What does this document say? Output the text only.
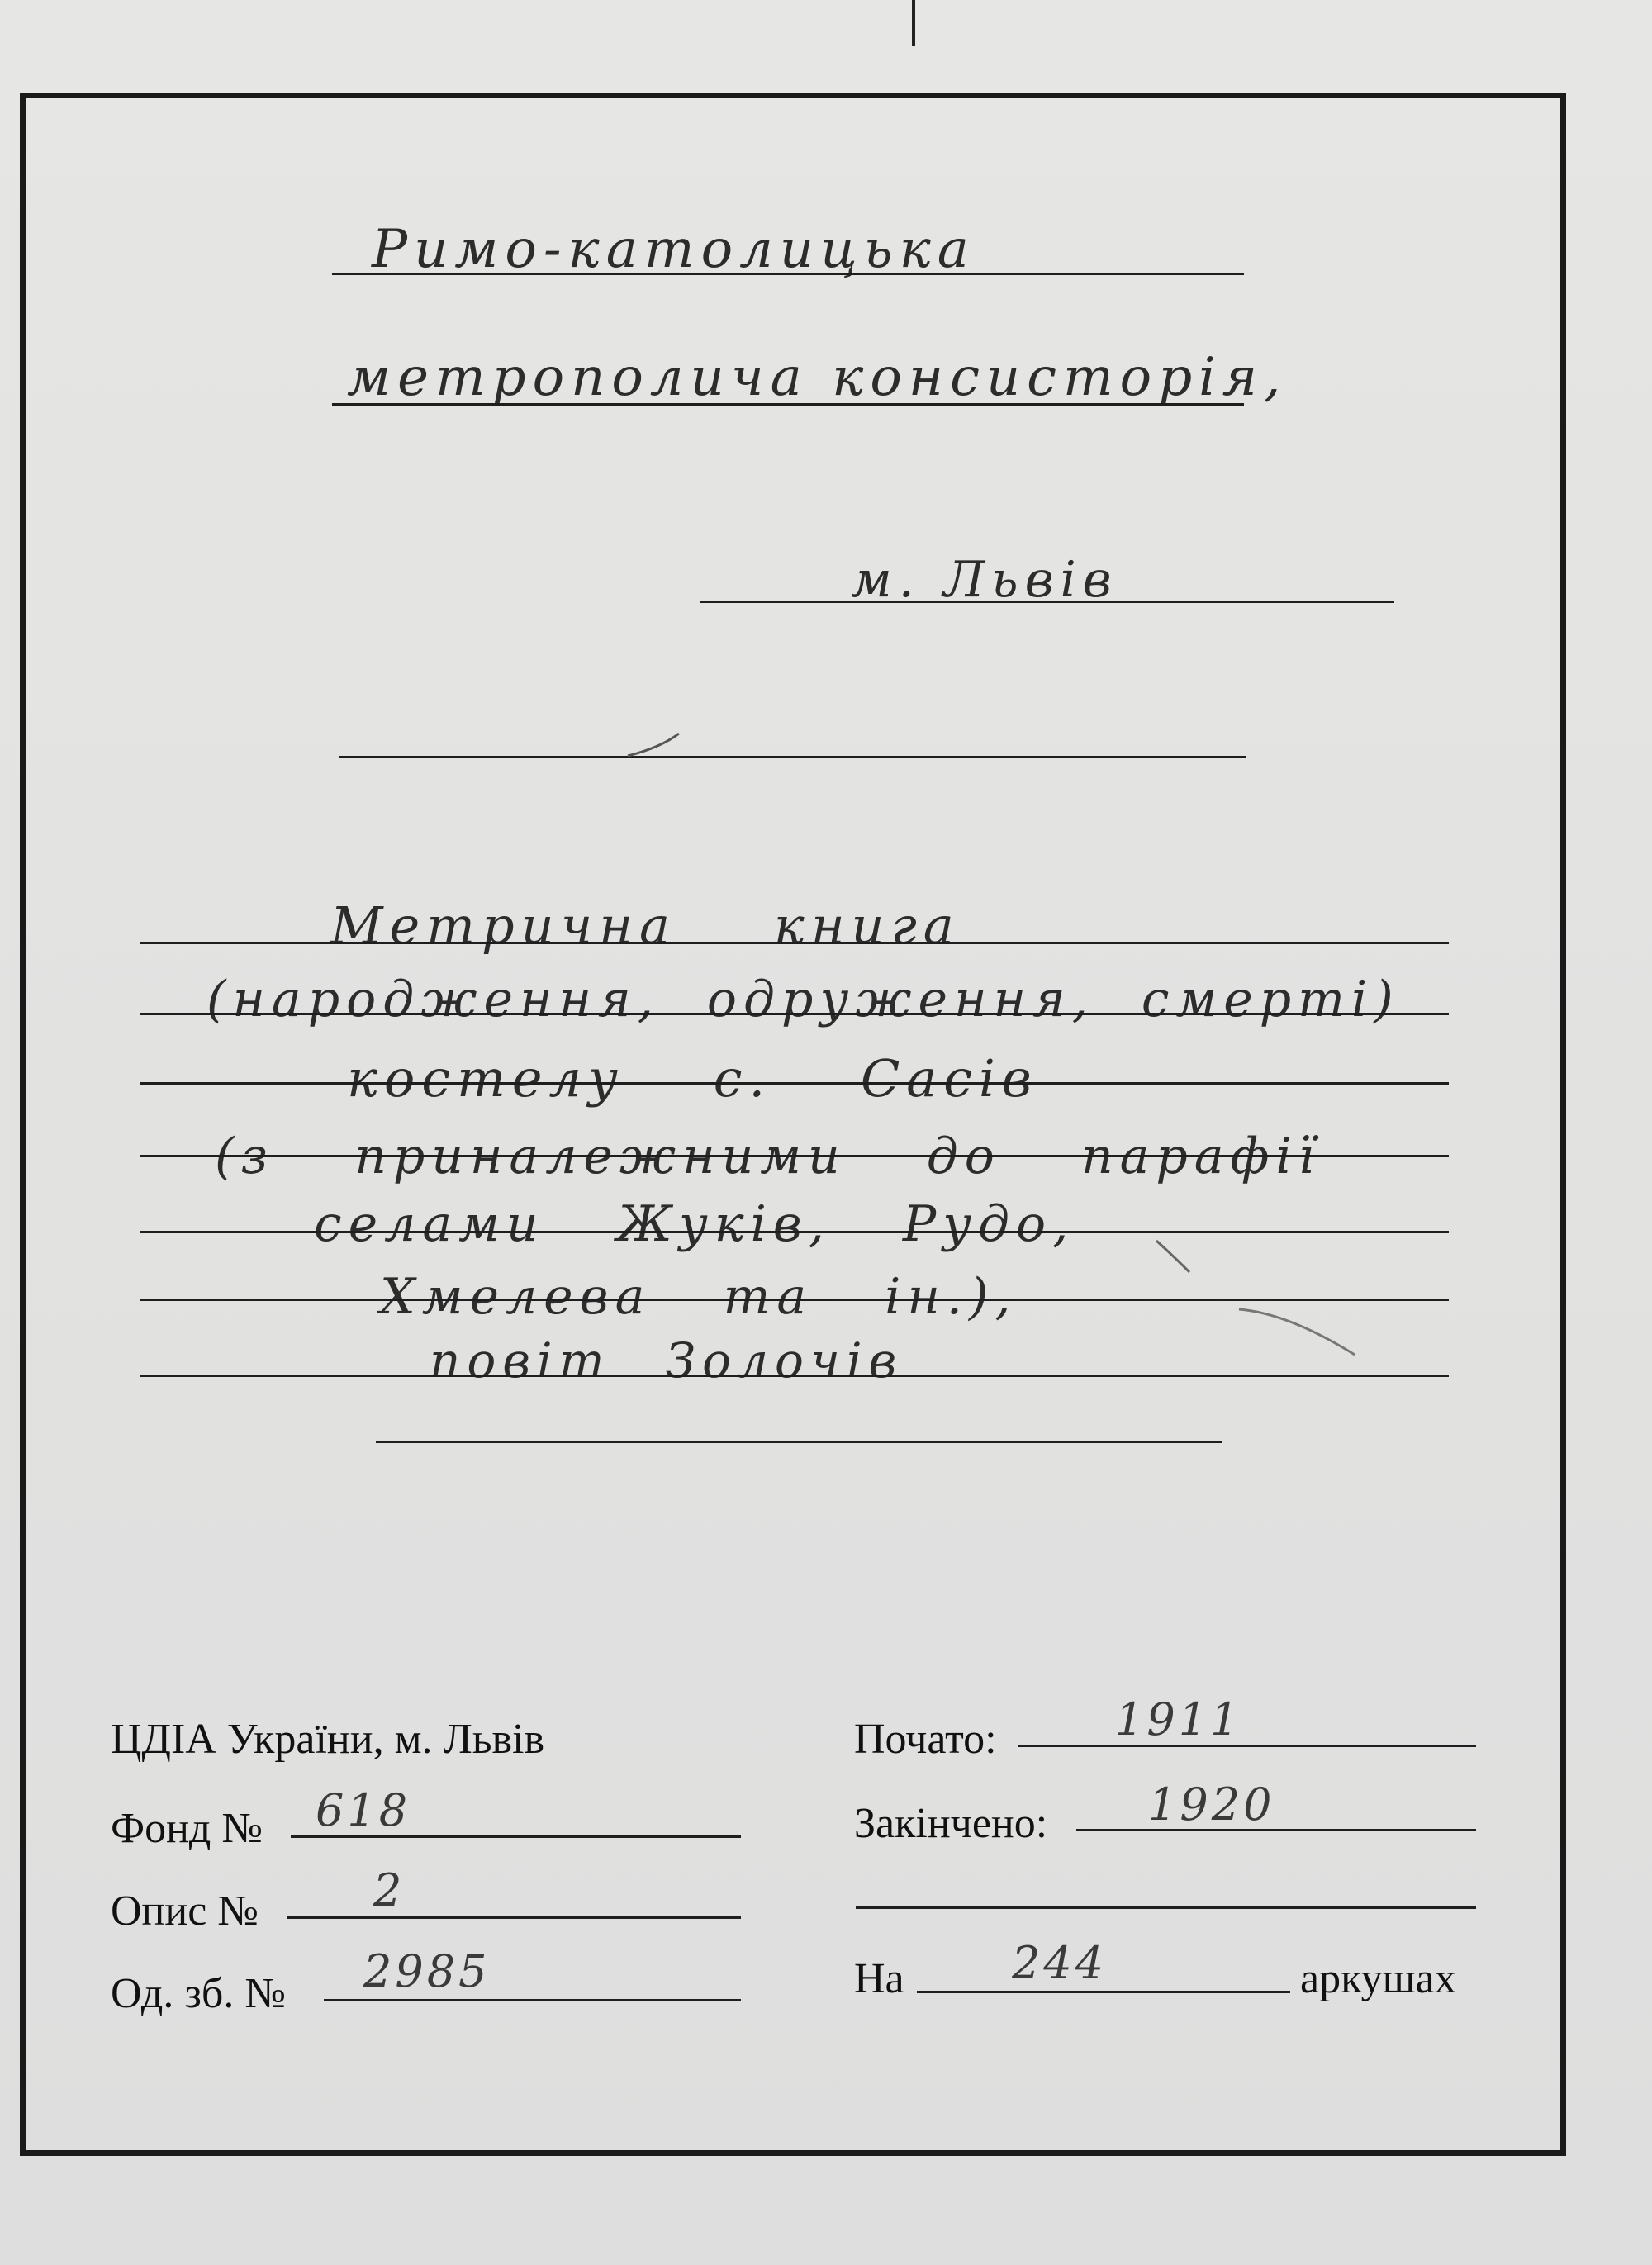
Римо-католицька
метрополича консисторія,
м. Львів
Метрична книга
(народження, одруження, смерті)
костелу с. Сасів
(з приналежними до парафії
селами Жуків, Рудо,
Хмелева та ін.),
повіт Золочів
ЦДІА України, м. Львів
Фонд № 618
Опис №	2
Од. зб. № 2985
Почато:	1911
Закінчено: 1920
На 244	аркушах
